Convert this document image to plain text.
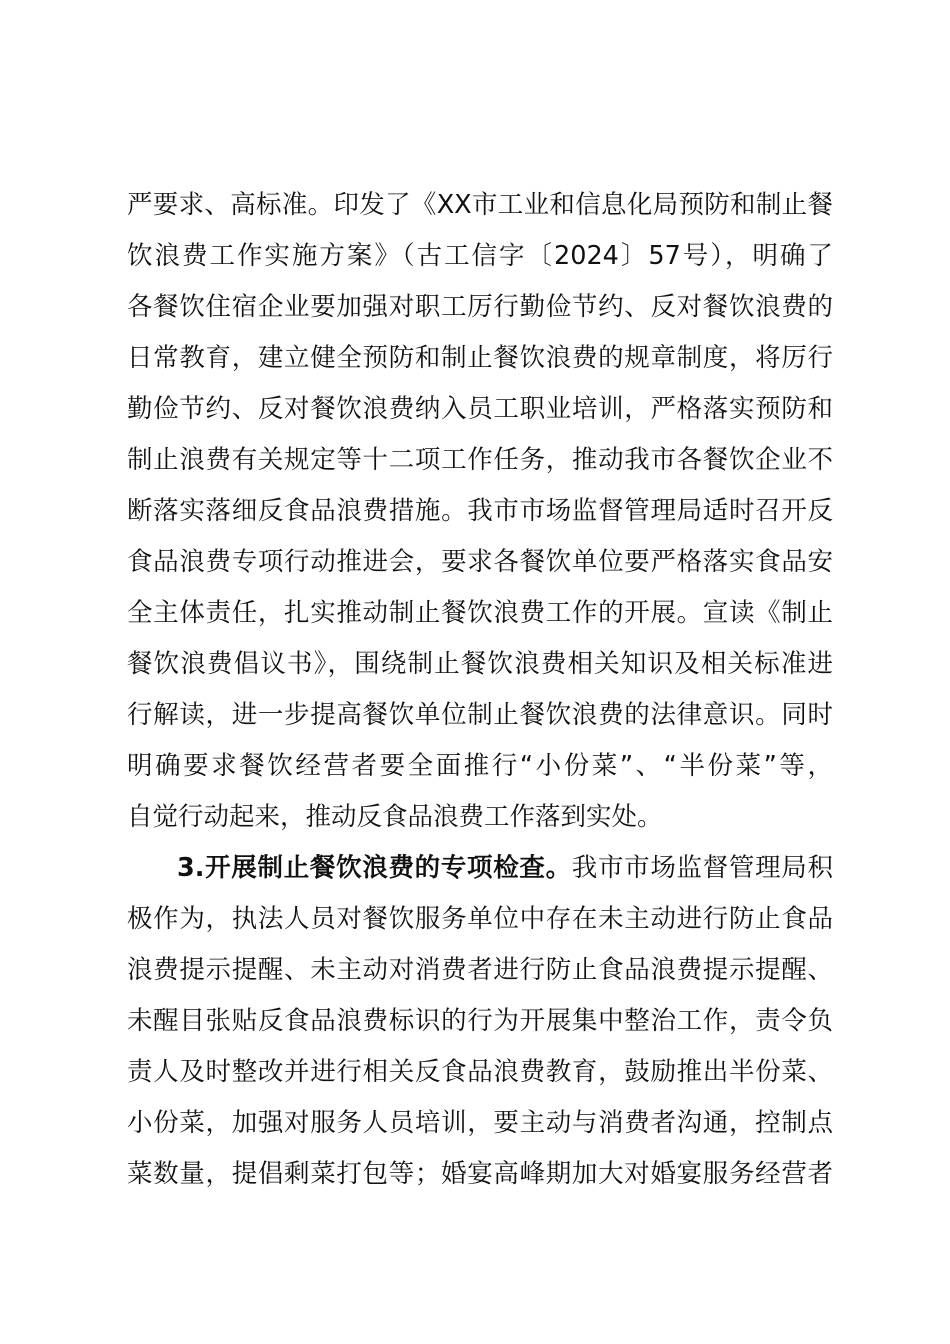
严要求、高标准。印发了《XX市工业和信息化局预防和制止餐
饮浪费工作实施方案》（古工信字〔2024〕57号），明确了
各餐饮住宿企业要加强对职工厉行勤俭节约、反对餐饮浪费的
日常教育，建立健全预防和制止餐饮浪费的规章制度，将厉行
勤俭节约、反对餐饮浪费纳入员工职业培训，严格落实预防和
制止浪费有关规定等十二项工作任务，推动我市各餐饮企业不
断落实落细反食品浪费措施。我市市场监督管理局适时召开反
食品浪费专项行动推进会，要求各餐饮单位要严格落实食品安
全主体责任，扎实推动制止餐饮浪费工作的开展。宣读《制止
餐饮浪费倡议书》，围绕制止餐饮浪费相关知识及相关标准进
行解读，进一步提高餐饮单位制止餐饮浪费的法律意识。同时
明确要求餐饮经营者要全面推行“小份菜”、“半份菜”等，
自觉行动起来，推动反食品浪费工作落到实处。
3.开展制止餐饮浪费的专项检查。我市市场监督管理局积
极作为，执法人员对餐饮服务单位中存在未主动进行防止食品
浪费提示提醒、未主动对消费者进行防止食品浪费提示提醒、
未醒目张贴反食品浪费标识的行为开展集中整治工作，责令负
责人及时整改并进行相关反食品浪费教育，鼓励推出半份菜、
小份菜，加强对服务人员培训，要主动与消费者沟通，控制点
菜数量，提倡剩菜打包等；婚宴高峰期加大对婚宴服务经营者
